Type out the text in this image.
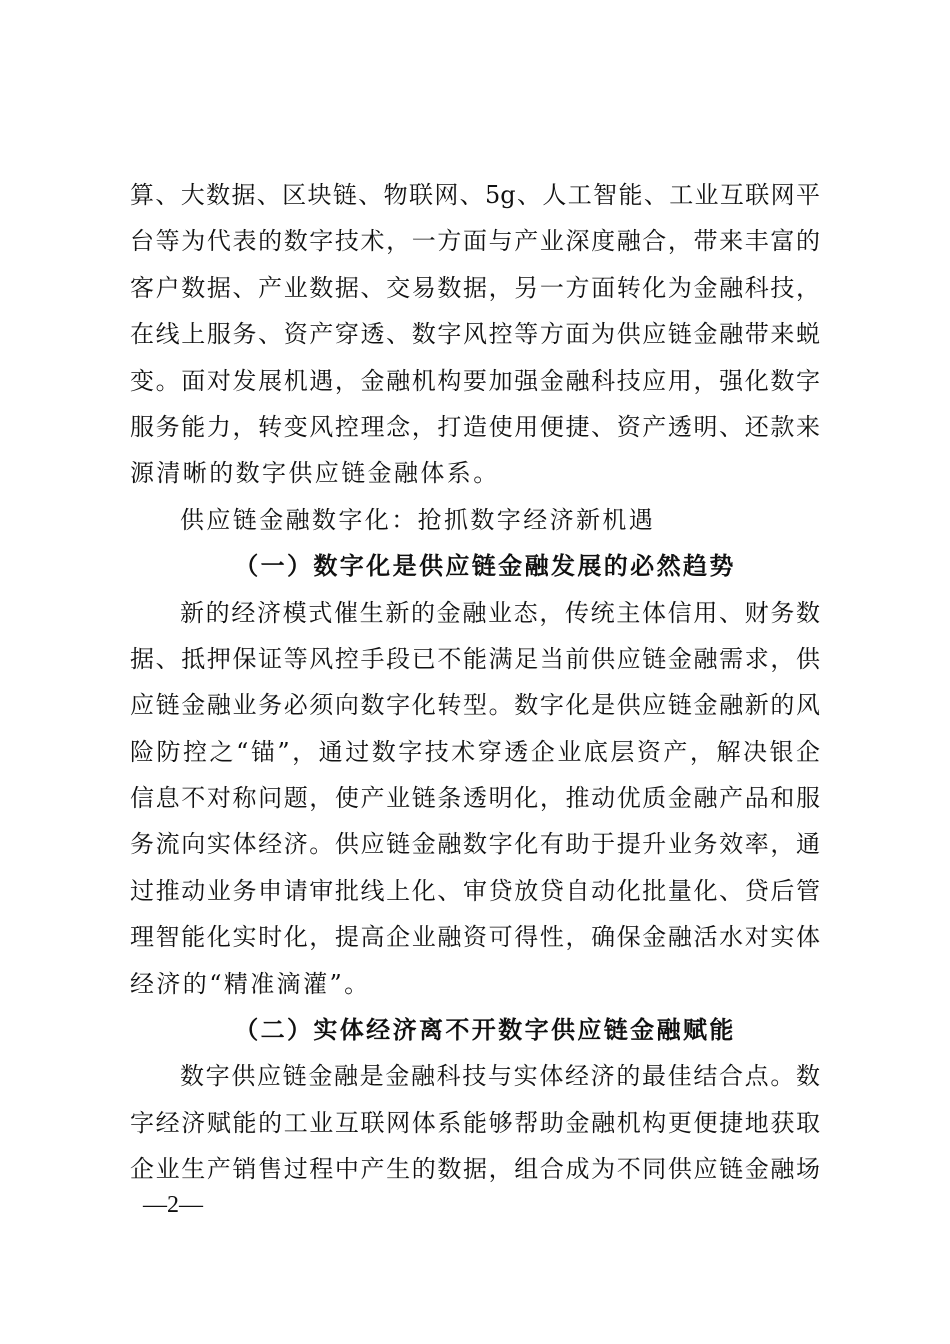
算、大数据、区块链、物联网、5g、人工智能、工业互联网平
台等为代表的数字技术，一方面与产业深度融合，带来丰富的
客户数据、产业数据、交易数据，另一方面转化为金融科技，
在线上服务、资产穿透、数字风控等方面为供应链金融带来蜕
变。面对发展机遇，金融机构要加强金融科技应用，强化数字
服务能力，转变风控理念，打造使用便捷、资产透明、还款来
源清晰的数字供应链金融体系。
供应链金融数字化：抢抓数字经济新机遇
（一）数字化是供应链金融发展的必然趋势
新的经济模式催生新的金融业态，传统主体信用、财务数
据、抵押保证等风控手段已不能满足当前供应链金融需求，供
应链金融业务必须向数字化转型。数字化是供应链金融新的风
险防控之“锚”，通过数字技术穿透企业底层资产，解决银企
信息不对称问题，使产业链条透明化，推动优质金融产品和服
务流向实体经济。供应链金融数字化有助于提升业务效率，通
过推动业务申请审批线上化、审贷放贷自动化批量化、贷后管
理智能化实时化，提高企业融资可得性，确保金融活水对实体
经济的“精准滴灌”。
（二）实体经济离不开数字供应链金融赋能
数字供应链金融是金融科技与实体经济的最佳结合点。数
字经济赋能的工业互联网体系能够帮助金融机构更便捷地获取
企业生产销售过程中产生的数据，组合成为不同供应链金融场
—2—
